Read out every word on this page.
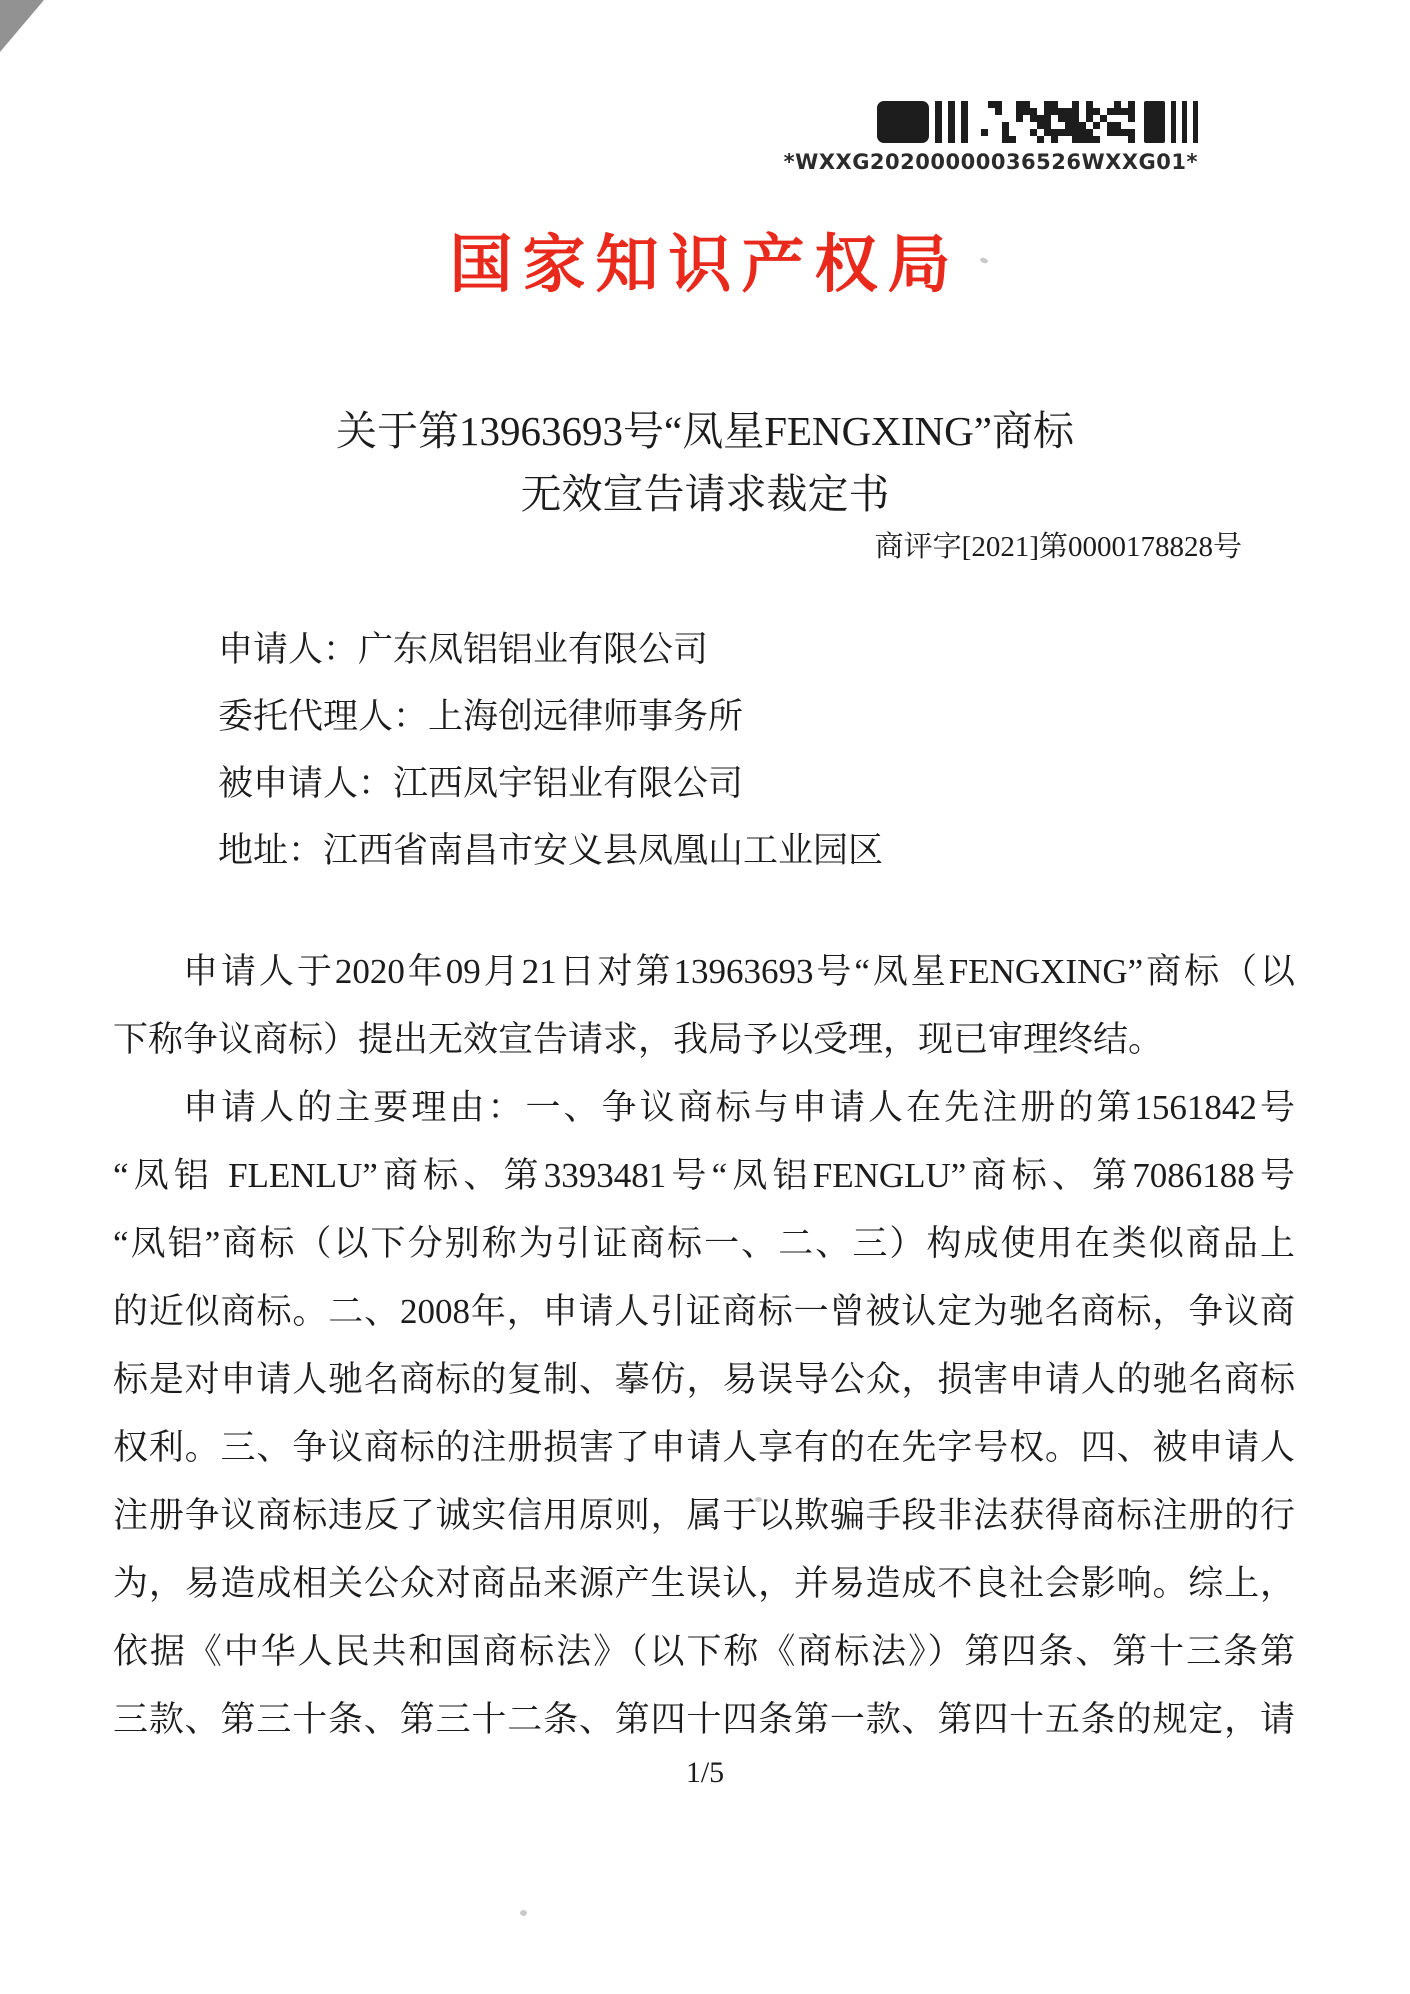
*WXXG20200000036526WXXG01*
国家知识产权局
关于第13963693号“凤星FENGXING”商标
无效宣告请求裁定书
商评字[2021]第0000178828号
申请人：广东凤铝铝业有限公司
委托代理人：上海创远律师事务所
被申请人：江西凤宇铝业有限公司
地址：江西省南昌市安义县凤凰山工业园区
申请人于2020年09月21日对第13963693号“凤星FENGXING”商标（以
下称争议商标）提出无效宣告请求，我局予以受理，现已审理终结。
申请人的主要理由：一、争议商标与申请人在先注册的第1561842号
“凤铝 FLENLU”商标、第3393481号“凤铝FENGLU”商标、第7086188号
“凤铝”商标（以下分别称为引证商标一、二、三）构成使用在类似商品上
的近似商标。二、2008年，申请人引证商标一曾被认定为驰名商标，争议商
标是对申请人驰名商标的复制、摹仿，易误导公众，损害申请人的驰名商标
权利。三、争议商标的注册损害了申请人享有的在先字号权。四、被申请人
注册争议商标违反了诚实信用原则，属于以欺骗手段非法获得商标注册的行
为，易造成相关公众对商品来源产生误认，并易造成不良社会影响。综上，
依据《中华人民共和国商标法》（以下称《商标法》）第四条、第十三条第
三款、第三十条、第三十二条、第四十四条第一款、第四十五条的规定，请
1/5
